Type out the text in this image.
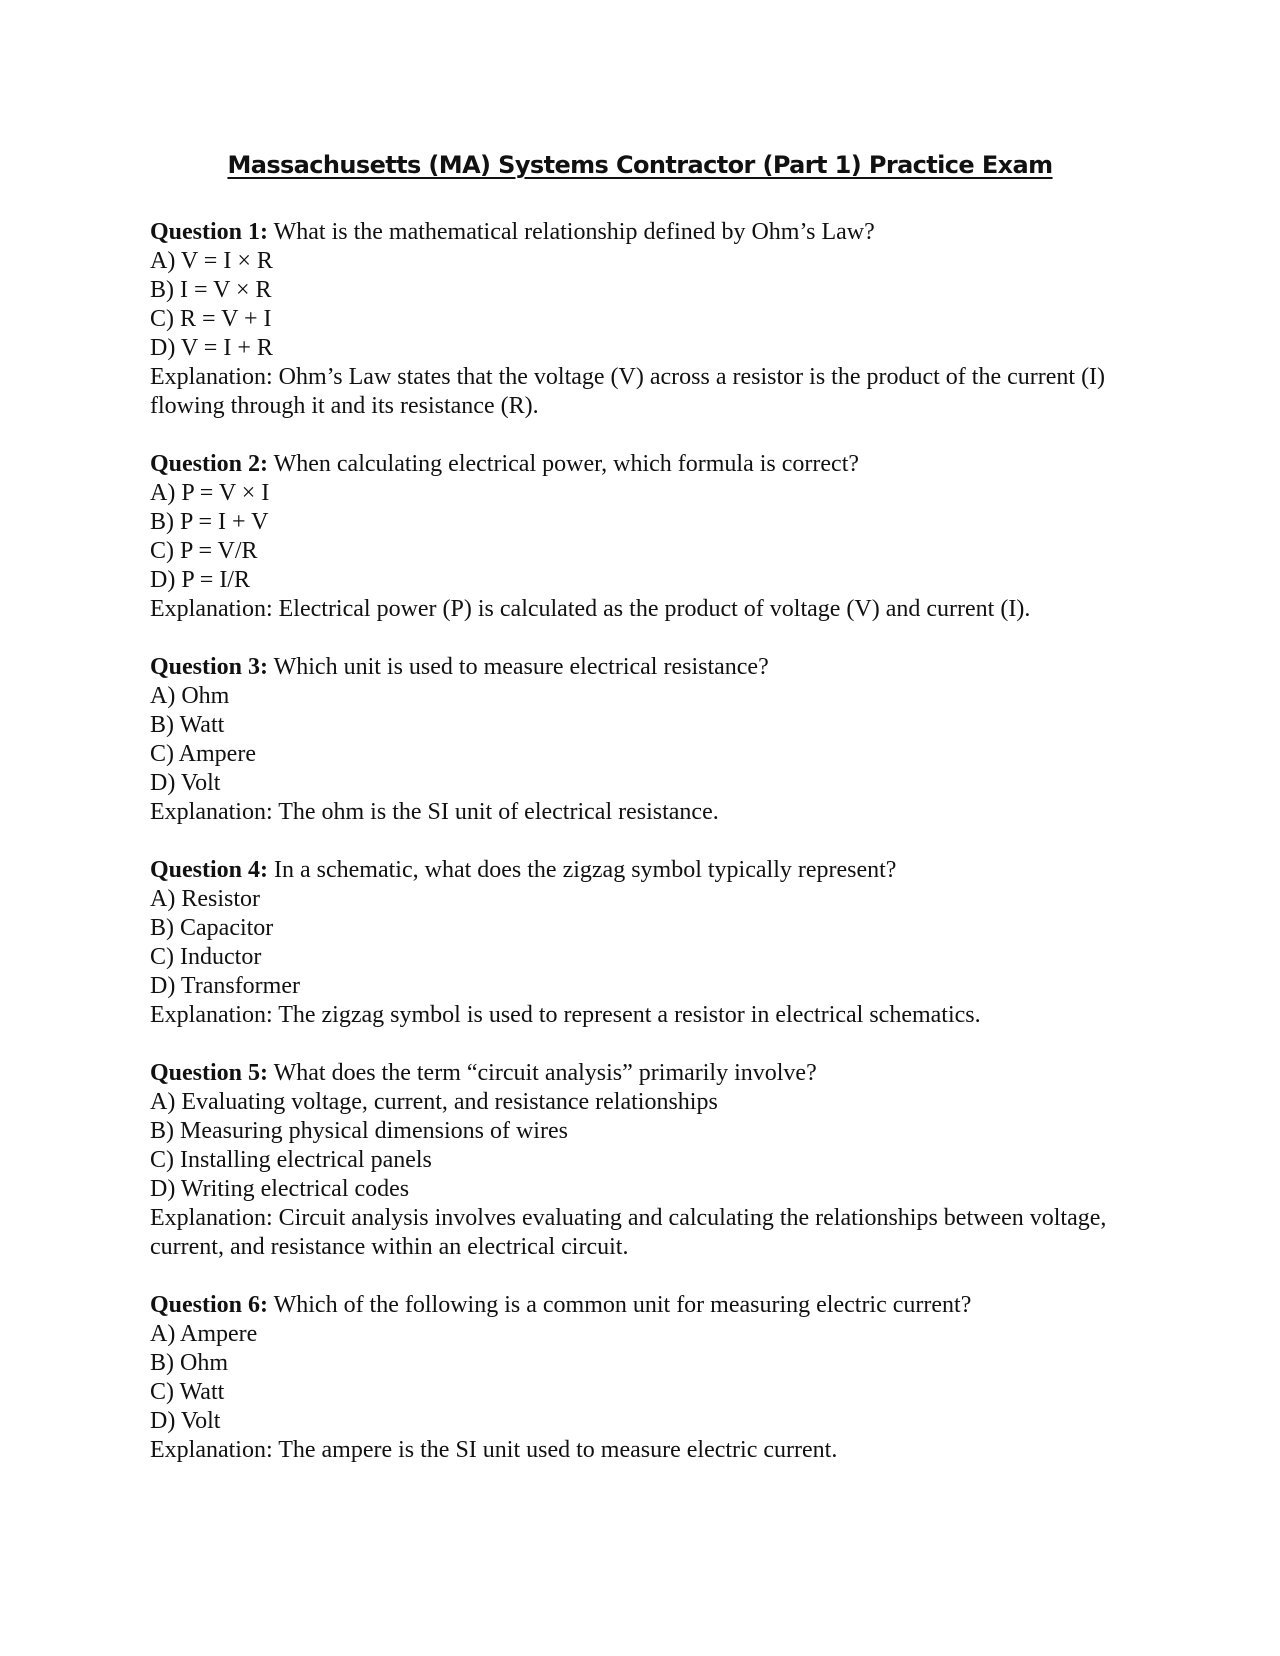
Massachusetts (MA) Systems Contractor (Part 1) Practice Exam

Question 1: What is the mathematical relationship defined by Ohm’s Law?

A) V = I × R

B) I = V × R

C) R = V + I

D) V = I + R

Explanation: Ohm’s Law states that the voltage (V) across a resistor is the product of the current (I) flowing through it and its resistance (R).

Question 2: When calculating electrical power, which formula is correct?

A) P = V × I

B) P = I + V

C) P = V/R

D) P = I/R

Explanation: Electrical power (P) is calculated as the product of voltage (V) and current (I).

Question 3: Which unit is used to measure electrical resistance?

A) Ohm

B) Watt

C) Ampere

D) Volt

Explanation: The ohm is the SI unit of electrical resistance.

Question 4: In a schematic, what does the zigzag symbol typically represent?

A) Resistor

B) Capacitor

C) Inductor

D) Transformer

Explanation: The zigzag symbol is used to represent a resistor in electrical schematics.

Question 5: What does the term “circuit analysis” primarily involve?

A) Evaluating voltage, current, and resistance relationships

B) Measuring physical dimensions of wires

C) Installing electrical panels

D) Writing electrical codes

Explanation: Circuit analysis involves evaluating and calculating the relationships between voltage, current, and resistance within an electrical circuit.

Question 6: Which of the following is a common unit for measuring electric current?

A) Ampere

B) Ohm

C) Watt

D) Volt

Explanation: The ampere is the SI unit used to measure electric current.
